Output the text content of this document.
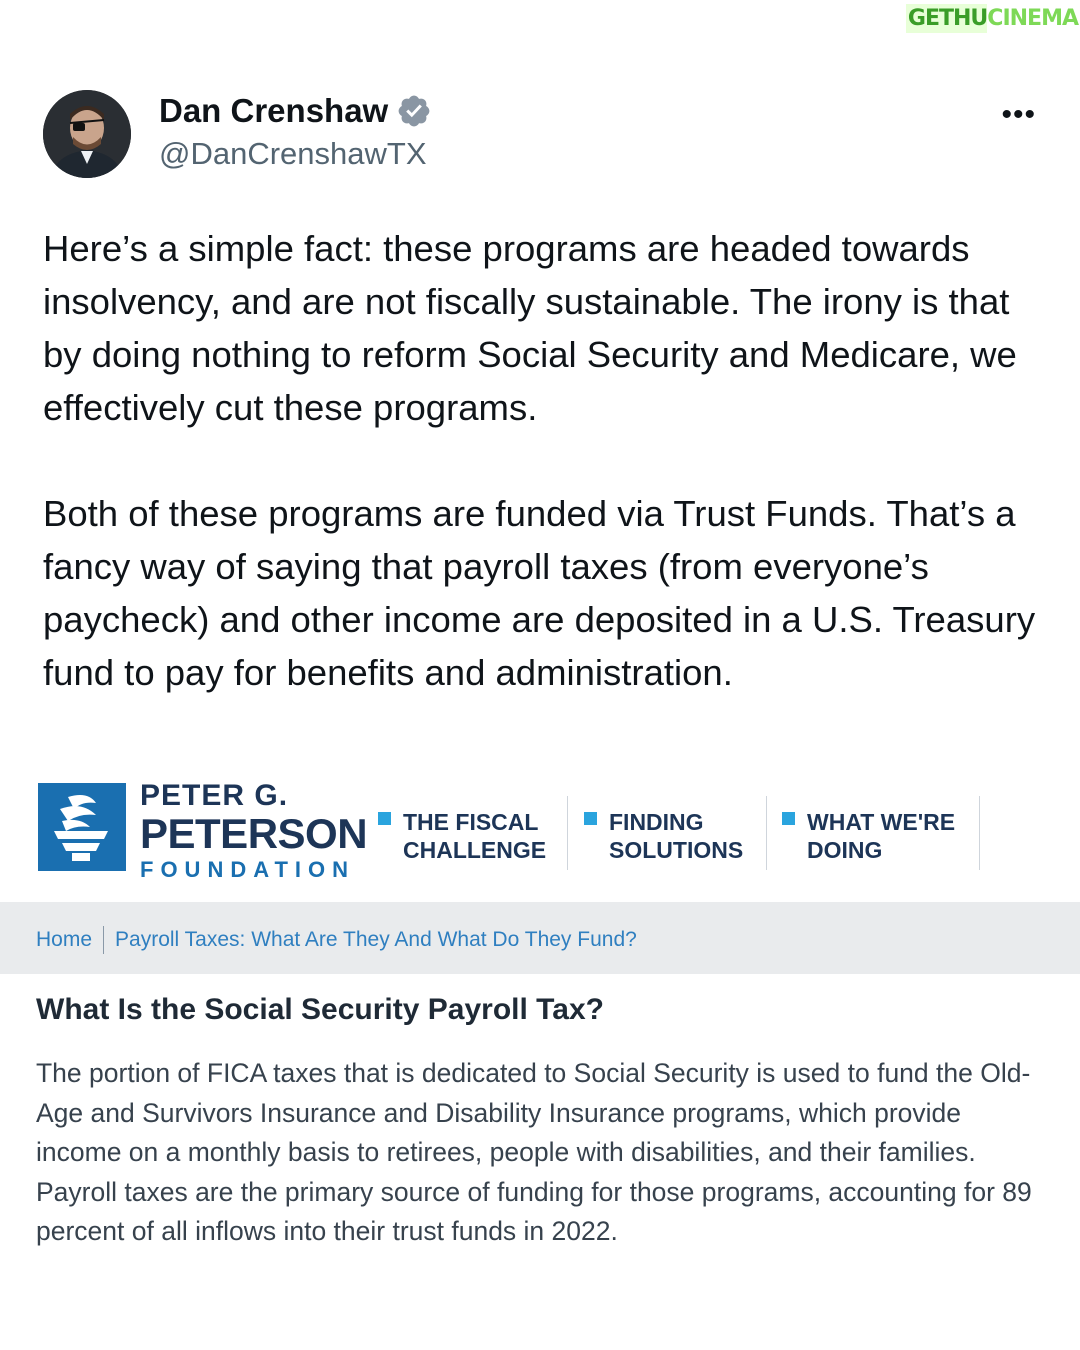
GETHU CINEMA
Dan Crenshaw
@DanCrenshawTX
•••

Here’s a simple fact: these programs are headed towards insolvency, and are not fiscally sustainable. The irony is that by doing nothing to reform Social Security and Medicare, we effectively cut these programs.

Both of these programs are funded via Trust Funds. That’s a fancy way of saying that payroll taxes (from everyone’s paycheck) and other income are deposited in a U.S. Treasury fund to pay for benefits and administration.

PETER G.
PETERSON
FOUNDATION
THE FISCAL
CHALLENGE
FINDING
SOLUTIONS
WHAT WE'RE
DOING
Home Payroll Taxes: What Are They And What Do They Fund?
What Is the Social Security Payroll Tax?
The portion of FICA taxes that is dedicated to Social Security is used to fund the Old-Age and Survivors Insurance and Disability Insurance programs, which provide income on a monthly basis to retirees, people with disabilities, and their families. Payroll taxes are the primary source of funding for those programs, accounting for 89 percent of all inflows into their trust funds in 2022.
